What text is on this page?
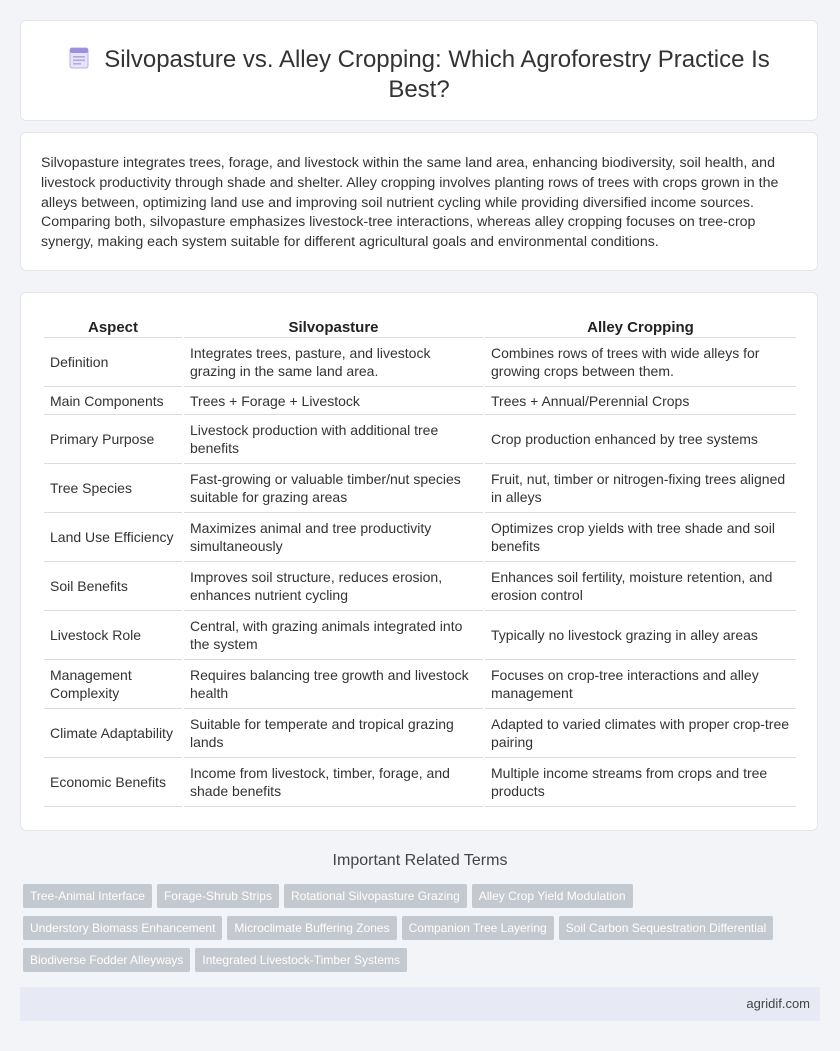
Silvopasture vs. Alley Cropping: Which Agroforestry Practice Is Best?

Silvopasture integrates trees, forage, and livestock within the same land area, enhancing biodiversity, soil health, and livestock productivity through shade and shelter. Alley cropping involves planting rows of trees with crops grown in the alleys between, optimizing land use and improving soil nutrient cycling while providing diversified income sources. Comparing both, silvopasture emphasizes livestock-tree interactions, whereas alley cropping focuses on tree-crop synergy, making each system suitable for different agricultural goals and environmental conditions.

Aspect	Silvopasture	Alley Cropping
Definition	Integrates trees, pasture, and livestock grazing in the same land area.	Combines rows of trees with wide alleys for growing crops between them.
Main Components	Trees + Forage + Livestock	Trees + Annual/Perennial Crops
Primary Purpose	Livestock production with additional tree benefits	Crop production enhanced by tree systems
Tree Species	Fast-growing or valuable timber/nut species suitable for grazing areas	Fruit, nut, timber or nitrogen-fixing trees aligned in alleys
Land Use Efficiency	Maximizes animal and tree productivity simultaneously	Optimizes crop yields with tree shade and soil benefits
Soil Benefits	Improves soil structure, reduces erosion, enhances nutrient cycling	Enhances soil fertility, moisture retention, and erosion control
Livestock Role	Central, with grazing animals integrated into the system	Typically no livestock grazing in alley areas
Management Complexity	Requires balancing tree growth and livestock health	Focuses on crop-tree interactions and alley management
Climate Adaptability	Suitable for temperate and tropical grazing lands	Adapted to varied climates with proper crop-tree pairing
Economic Benefits	Income from livestock, timber, forage, and shade benefits	Multiple income streams from crops and tree products
Important Related Terms
Tree-Animal Interface Forage-Shrub Strips Rotational Silvopasture Grazing Alley Crop Yield Modulation
Understory Biomass Enhancement Microclimate Buffering Zones Companion Tree Layering Soil Carbon Sequestration Differential
Biodiverse Fodder Alleyways Integrated Livestock-Timber Systems
agridif.com
